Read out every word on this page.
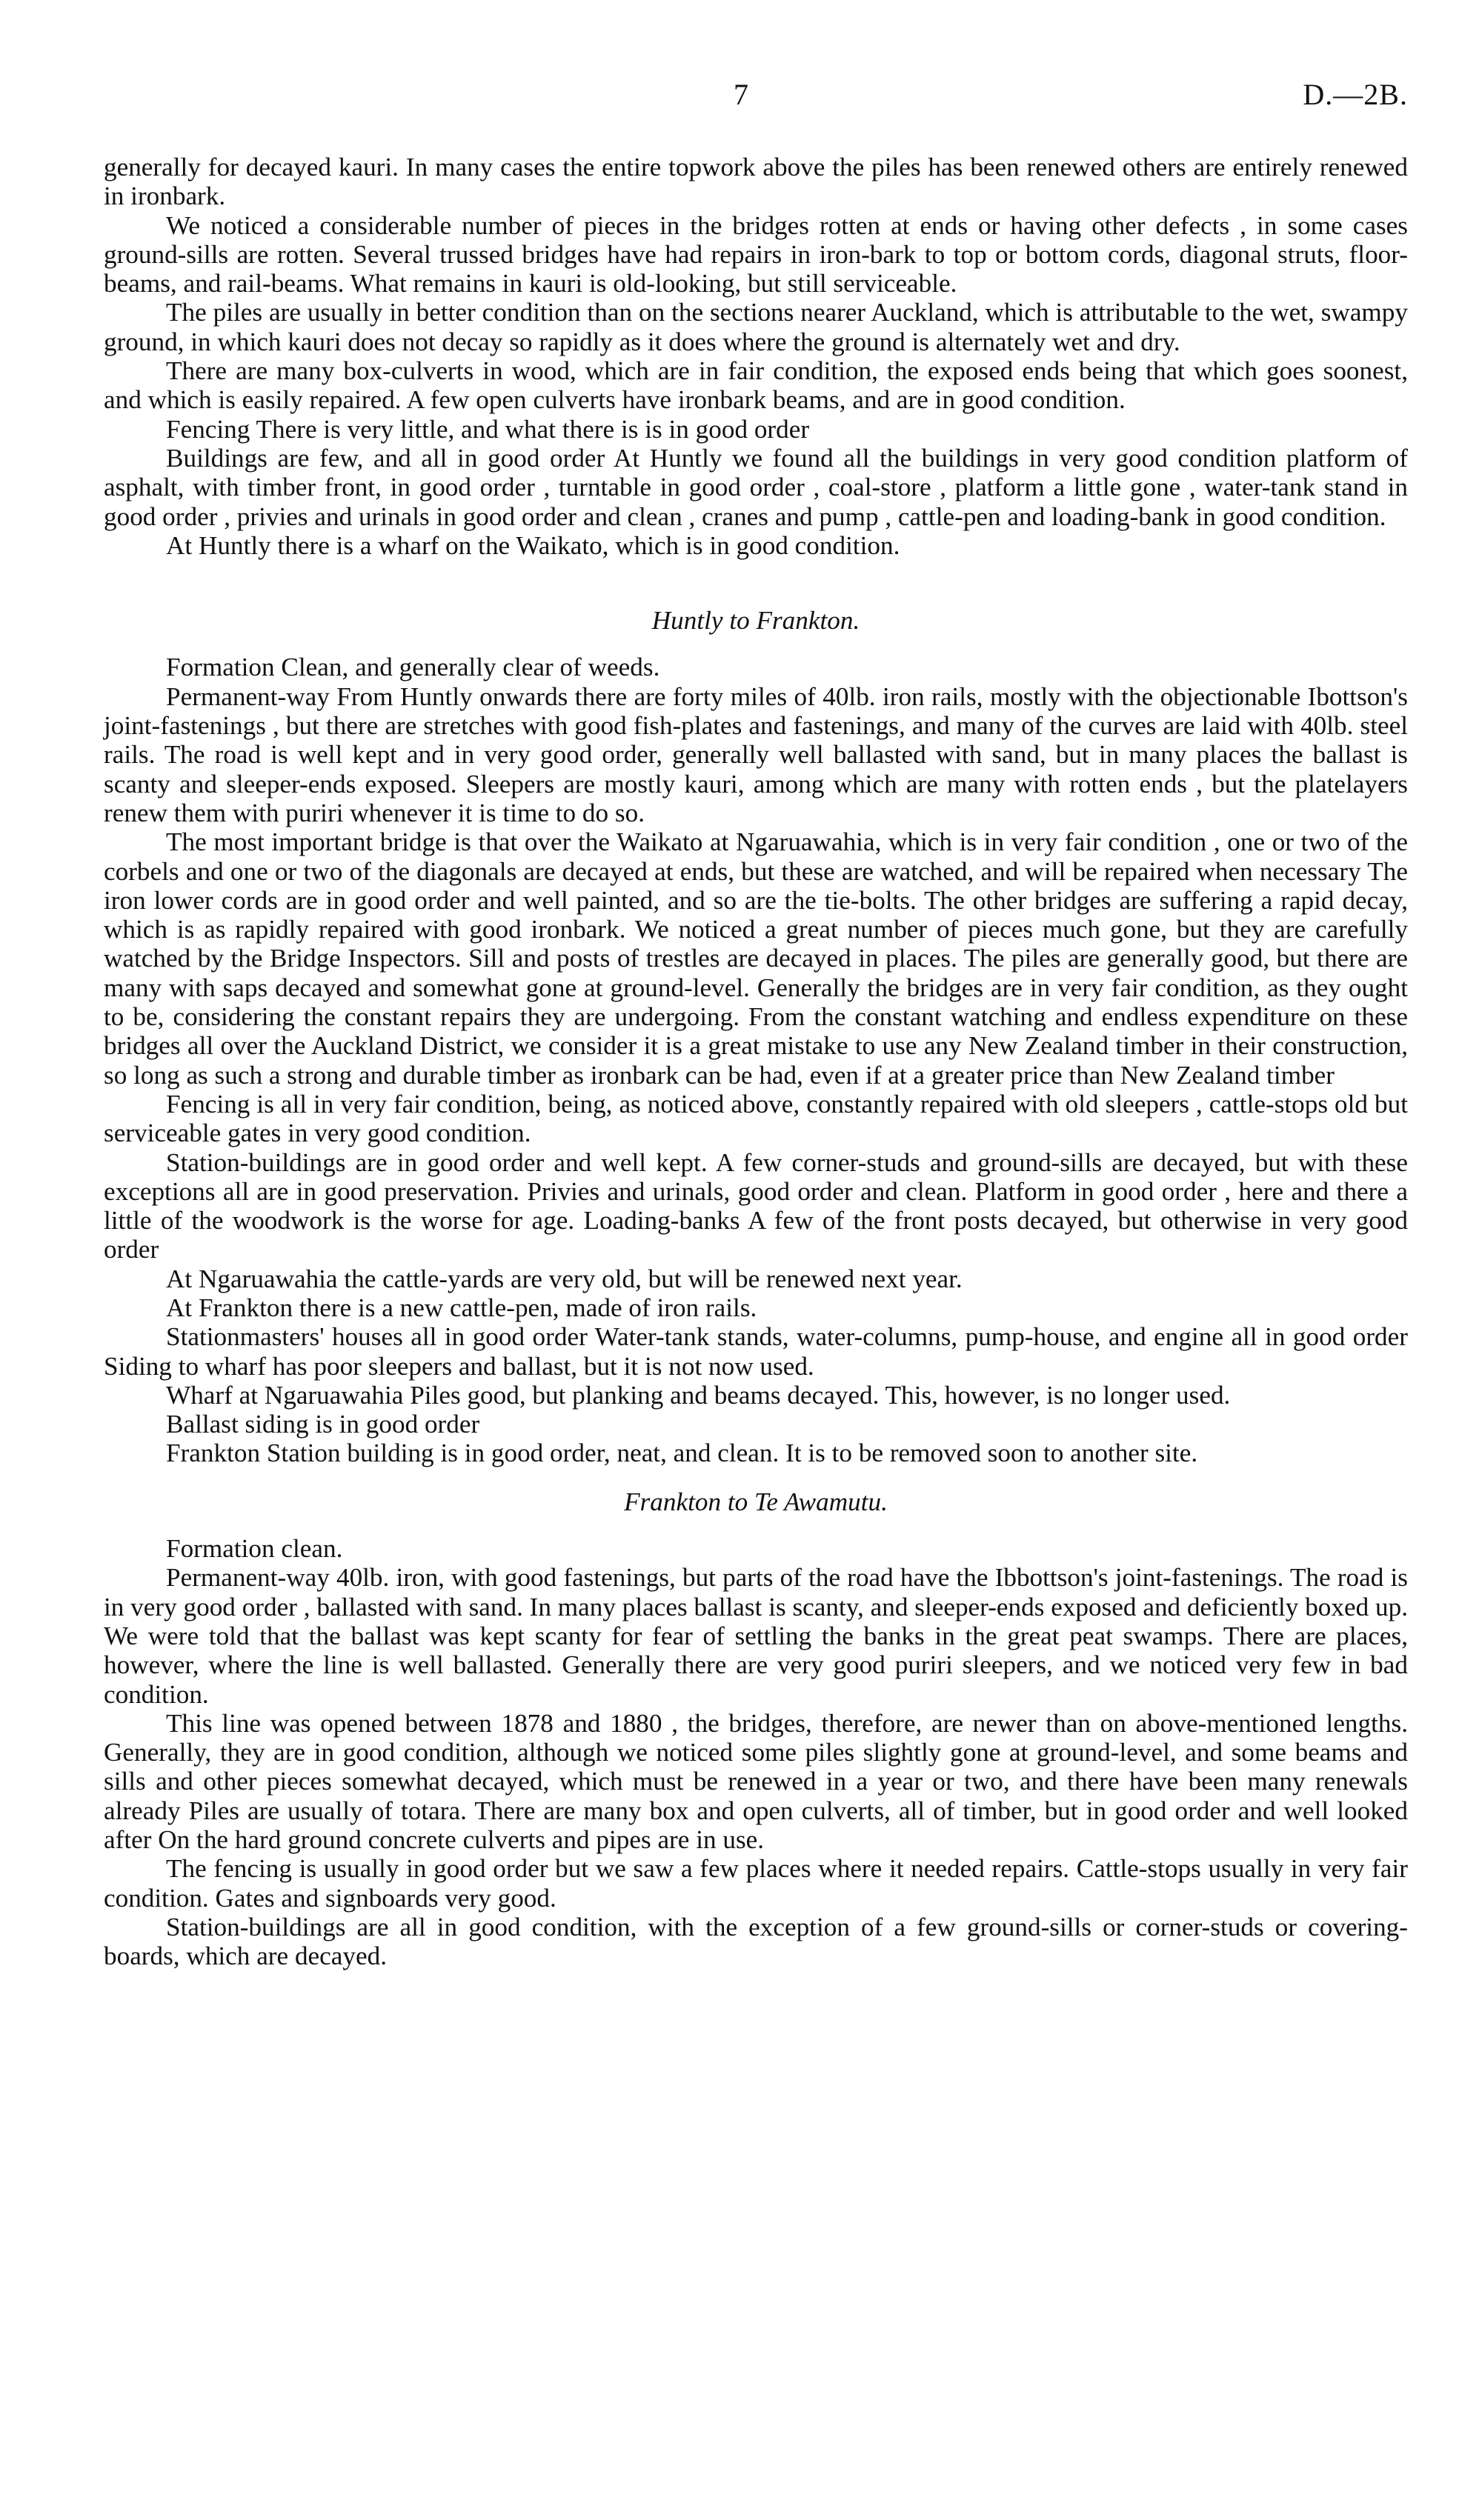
7	D.—2B.

generally for decayed kauri. In many cases the entire topwork above the piles has been renewed others are entirely renewed in ironbark.

We noticed a considerable number of pieces in the bridges rotten at ends or having other defects , in some cases ground-sills are rotten. Several trussed bridges have had repairs in iron-bark to top or bottom cords, diagonal struts, floor-beams, and rail-beams. What remains in kauri is old-looking, but still serviceable.

The piles are usually in better condition than on the sections nearer Auckland, which is attributable to the wet, swampy ground, in which kauri does not decay so rapidly as it does where the ground is alternately wet and dry.

There are many box-culverts in wood, which are in fair condition, the exposed ends being that which goes soonest, and which is easily repaired. A few open culverts have ironbark beams, and are in good condition.

Fencing There is very little, and what there is is in good order

Buildings are few, and all in good order At Huntly we found all the buildings in very good condition platform of asphalt, with timber front, in good order , turntable in good order , coal-store , platform a little gone , water-tank stand in good order , privies and urinals in good order and clean , cranes and pump , cattle-pen and loading-bank in good condition.

At Huntly there is a wharf on the Waikato, which is in good condition.

Huntly to Frankton.

Formation Clean, and generally clear of weeds.

Permanent-way From Huntly onwards there are forty miles of 40lb. iron rails, mostly with the objectionable Ibottson's joint-fastenings , but there are stretches with good fish-plates and fastenings, and many of the curves are laid with 40lb. steel rails. The road is well kept and in very good order, generally well ballasted with sand, but in many places the ballast is scanty and sleeper-ends exposed. Sleepers are mostly kauri, among which are many with rotten ends , but the platelayers renew them with puriri whenever it is time to do so.

The most important bridge is that over the Waikato at Ngaruawahia, which is in very fair condition , one or two of the corbels and one or two of the diagonals are decayed at ends, but these are watched, and will be repaired when necessary The iron lower cords are in good order and well painted, and so are the tie-bolts. The other bridges are suffering a rapid decay, which is as rapidly repaired with good ironbark. We noticed a great number of pieces much gone, but they are carefully watched by the Bridge Inspectors. Sill and posts of trestles are decayed in places. The piles are generally good, but there are many with saps decayed and somewhat gone at ground-level. Generally the bridges are in very fair condition, as they ought to be, considering the constant repairs they are undergoing. From the constant watching and endless expenditure on these bridges all over the Auckland District, we consider it is a great mistake to use any New Zealand timber in their construction, so long as such a strong and durable timber as ironbark can be had, even if at a greater price than New Zealand timber

Fencing is all in very fair condition, being, as noticed above, constantly repaired with old sleepers , cattle-stops old but serviceable gates in very good condition.

Station-buildings are in good order and well kept. A few corner-studs and ground-sills are decayed, but with these exceptions all are in good preservation. Privies and urinals, good order and clean. Platform in good order , here and there a little of the woodwork is the worse for age. Loading-banks A few of the front posts decayed, but otherwise in very good order

At Ngaruawahia the cattle-yards are very old, but will be renewed next year.

At Frankton there is a new cattle-pen, made of iron rails.

Stationmasters' houses all in good order Water-tank stands, water-columns, pump-house, and engine all in good order Siding to wharf has poor sleepers and ballast, but it is not now used.

Wharf at Ngaruawahia Piles good, but planking and beams decayed. This, however, is no longer used.

Ballast siding is in good order

Frankton Station building is in good order, neat, and clean. It is to be removed soon to another site.

Frankton to Te Awamutu.

Formation clean.

Permanent-way 40lb. iron, with good fastenings, but parts of the road have the Ibbottson's joint-fastenings. The road is in very good order , ballasted with sand. In many places ballast is scanty, and sleeper-ends exposed and deficiently boxed up. We were told that the ballast was kept scanty for fear of settling the banks in the great peat swamps. There are places, however, where the line is well ballasted. Generally there are very good puriri sleepers, and we noticed very few in bad condition.

This line was opened between 1878 and 1880 , the bridges, therefore, are newer than on above-mentioned lengths. Generally, they are in good condition, although we noticed some piles slightly gone at ground-level, and some beams and sills and other pieces somewhat decayed, which must be renewed in a year or two, and there have been many renewals already Piles are usually of totara. There are many box and open culverts, all of timber, but in good order and well looked after On the hard ground concrete culverts and pipes are in use.

The fencing is usually in good order but we saw a few places where it needed repairs. Cattle-stops usually in very fair condition. Gates and signboards very good.

Station-buildings are all in good condition, with the exception of a few ground-sills or corner-studs or covering-boards, which are decayed.
